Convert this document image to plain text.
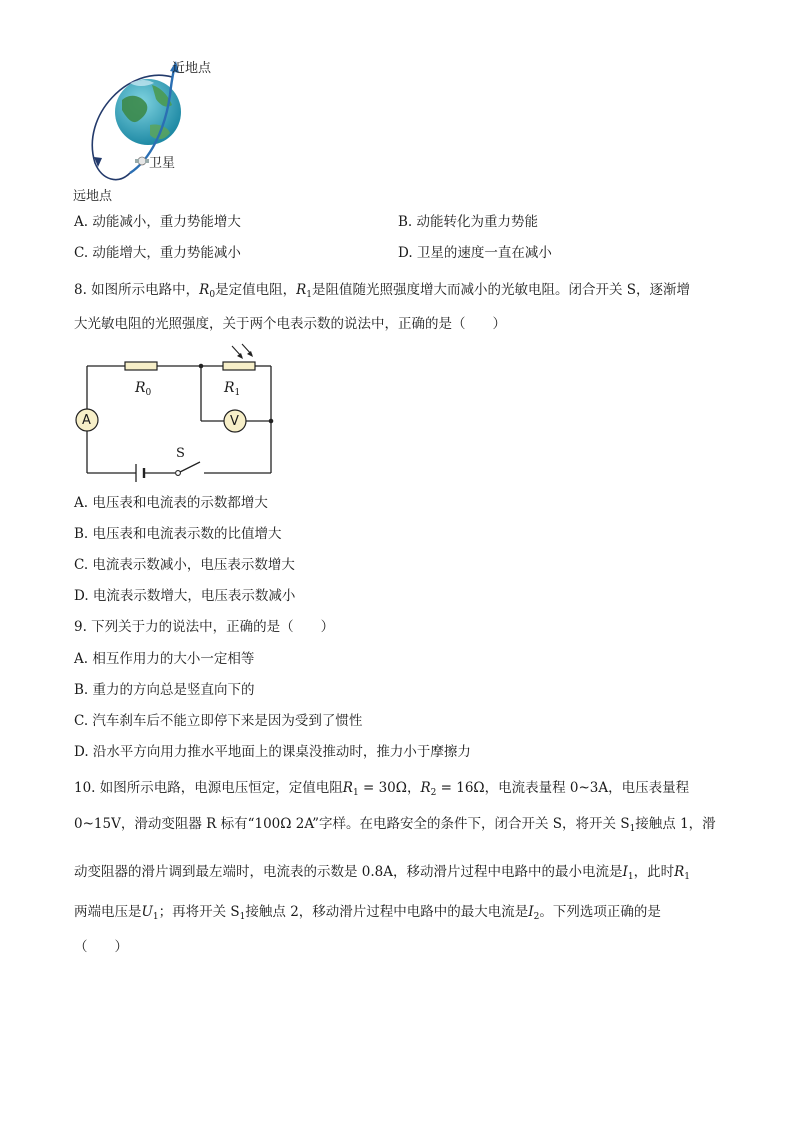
近地点
卫星
远地点
A. 动能减小，重力势能增大	B. 动能转化为重力势能
C. 动能增大，重力势能减小	D. 卫星的速度一直在减小
8. 如图所示电路中，$R_0$是定值电阻，$R_1$是阻值随光照强度增大而减小的光敏电阻。闭合开关 S，逐渐增
大光敏电阻的光照强度，关于两个电表示数的说法中，正确的是（　　）
$R_0$	$R_1$
A	V
S
A. 电压表和电流表的示数都增大
B. 电压表和电流表示数的比值增大
C. 电流表示数减小，电压表示数增大
D. 电流表示数增大，电压表示数减小
9. 下列关于力的说法中，正确的是（　　）
A. 相互作用力的大小一定相等
B. 重力的方向总是竖直向下的
C. 汽车刹车后不能立即停下来是因为受到了惯性
D. 沿水平方向用力推水平地面上的课桌没推动时，推力小于摩擦力
10. 如图所示电路，电源电压恒定，定值电阻$R_1 = 30\Omega$，$R_2 = 16\Omega$，电流表量程 0~3A，电压表量程
0~15V，滑动变阻器 R 标有“100Ω 2A”字样。在电路安全的条件下，闭合开关 S，将开关 $S_1$接触点 1，滑
动变阻器的滑片调到最左端时，电流表的示数是 0.8A，移动滑片过程中电路中的最小电流是$I_1$，此时$R_1$
两端电压是$U_1$；再将开关 $S_1$接触点 2，移动滑片过程中电路中的最大电流是$I_2$。下列选项正确的是
（　　）
